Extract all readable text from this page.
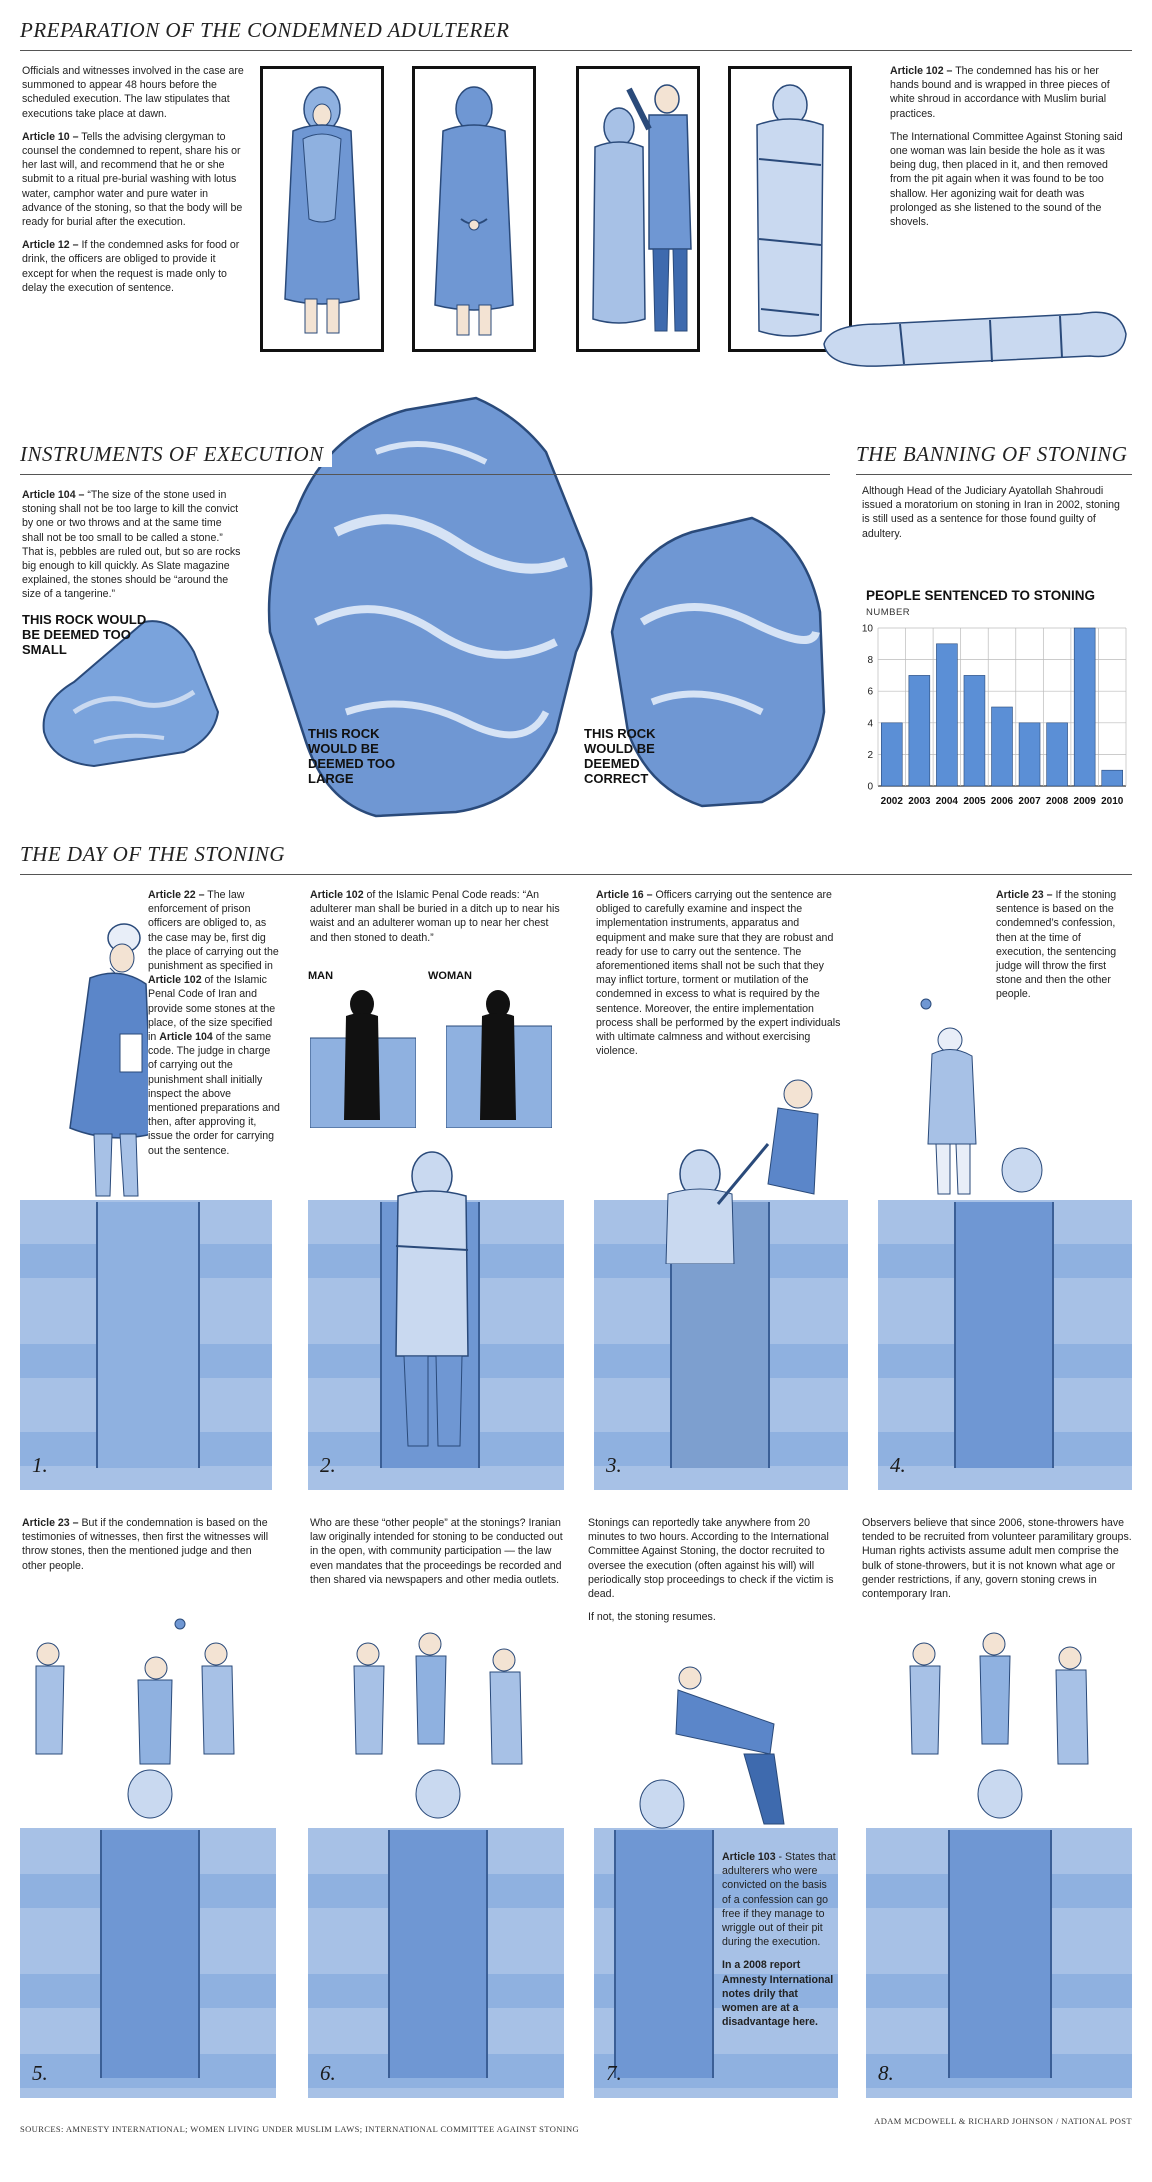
PREPARATION OF THE CONDEMNED ADULTERER

Officials and witnesses involved in the case are summoned to appear 48 hours before the scheduled execution. The law stipulates that executions take place at dawn.

Article 10 – Tells the advising clergyman to counsel the condemned to repent, share his or her last will, and recommend that he or she submit to a ritual pre-burial washing with lotus water, camphor water and pure water in advance of the stoning, so that the body will be ready for burial after the execution.

Article 12 – If the condemned asks for food or drink, the officers are obliged to provide it except for when the request is made only to delay the execution of sentence.

Article 102 – The condemned has his or her hands bound and is wrapped in three pieces of white shroud in accordance with Muslim burial practices.

The International Committee Against Stoning said one woman was lain beside the hole as it was being dug, then placed in it, and then removed from the pit again when it was found to be too shallow. Her agonizing wait for death was prolonged as she listened to the sound of the shovels.

INSTRUMENTS OF EXECUTION

Article 104 – “The size of the stone used in stoning shall not be too large to kill the convict by one or two throws and at the same time shall not be too small to be called a stone.” That is, pebbles are ruled out, but so are rocks big enough to kill quickly. As Slate magazine explained, the stones should be “around the size of a tangerine.”

THIS ROCK WOULD BE DEEMED TOO SMALL
THIS ROCK WOULD BE DEEMED TOO LARGE
THIS ROCK WOULD BE DEEMED CORRECT
THE BANNING OF STONING
Although Head of the Judiciary Ayatollah Shahroudi issued a moratorium on stoning in Iran in 2002, stoning is still used as a sentence for those found guilty of adultery.
PEOPLE SENTENCED TO STONING
NUMBER
0
2
4
6
8
10
2002 2003 2004 2005 2006 2007 2008 2009 2010
THE DAY OF THE STONING
1.

Article 22 – The law enforcement of prison officers are obliged to, as the case may be, first dig the place of carrying out the punishment as specified in Article 102 of the Islamic Penal Code of Iran and provide some stones at the place, of the size specified in Article 104 of the same code. The judge in charge of carrying out the punishment shall initially inspect the above mentioned preparations and then, after approving it, issue the order for carrying out the sentence.

2.

Article 102 of the Islamic Penal Code reads: “An adulterer man shall be buried in a ditch up to near his waist and an adulterer woman up to near her chest and then stoned to death.”

MAN	WOMAN
3.

Article 16 – Officers carrying out the sentence are obliged to carefully examine and inspect the implementation instruments, apparatus and equipment and make sure that they are robust and ready for use to carry out the sentence. The aforementioned items shall not be such that they may inflict torture, torment or mutilation of the condemned in excess to what is required by the sentence. Moreover, the entire implementation process shall be performed by the expert individuals with ultimate calmness and without exercising violence.

4.

Article 23 – If the stoning sentence is based on the condemned’s confession, then at the time of execution, the sentencing judge will throw the first stone and then the other people.

Article 23 – But if the condemnation is based on the testimonies of witnesses, then first the witnesses will throw stones, then the mentioned judge and then other people.

Who are these “other people” at the stonings? Iranian law originally intended for stoning to be conducted out in the open, with community participation — the law even mandates that the proceedings be recorded and then shared via newspapers and other media outlets.

Stonings can reportedly take anywhere from 20 minutes to two hours. According to the International Committee Against Stoning, the doctor recruited to oversee the execution (often against his will) will periodically stop proceedings to check if the victim is dead.

If not, the stoning resumes.

Observers believe that since 2006, stone-throwers have tended to be recruited from volunteer paramilitary groups. Human rights activists assume adult men comprise the bulk of stone-throwers, but it is not known what age or gender restrictions, if any, govern stoning crews in contemporary Iran.
5.	6.	7.

Article 103 - States that adulterers who were convicted on the basis of a confession can go free if they manage to wriggle out of their pit during the execution.

In a 2008 report Amnesty International notes drily that women are at a disadvantage here.

8.
SOURCES: AMNESTY INTERNATIONAL; WOMEN LIVING UNDER MUSLIM LAWS; INTERNATIONAL COMMITTEE AGAINST STONING
ADAM MCDOWELL & RICHARD JOHNSON / NATIONAL POST
